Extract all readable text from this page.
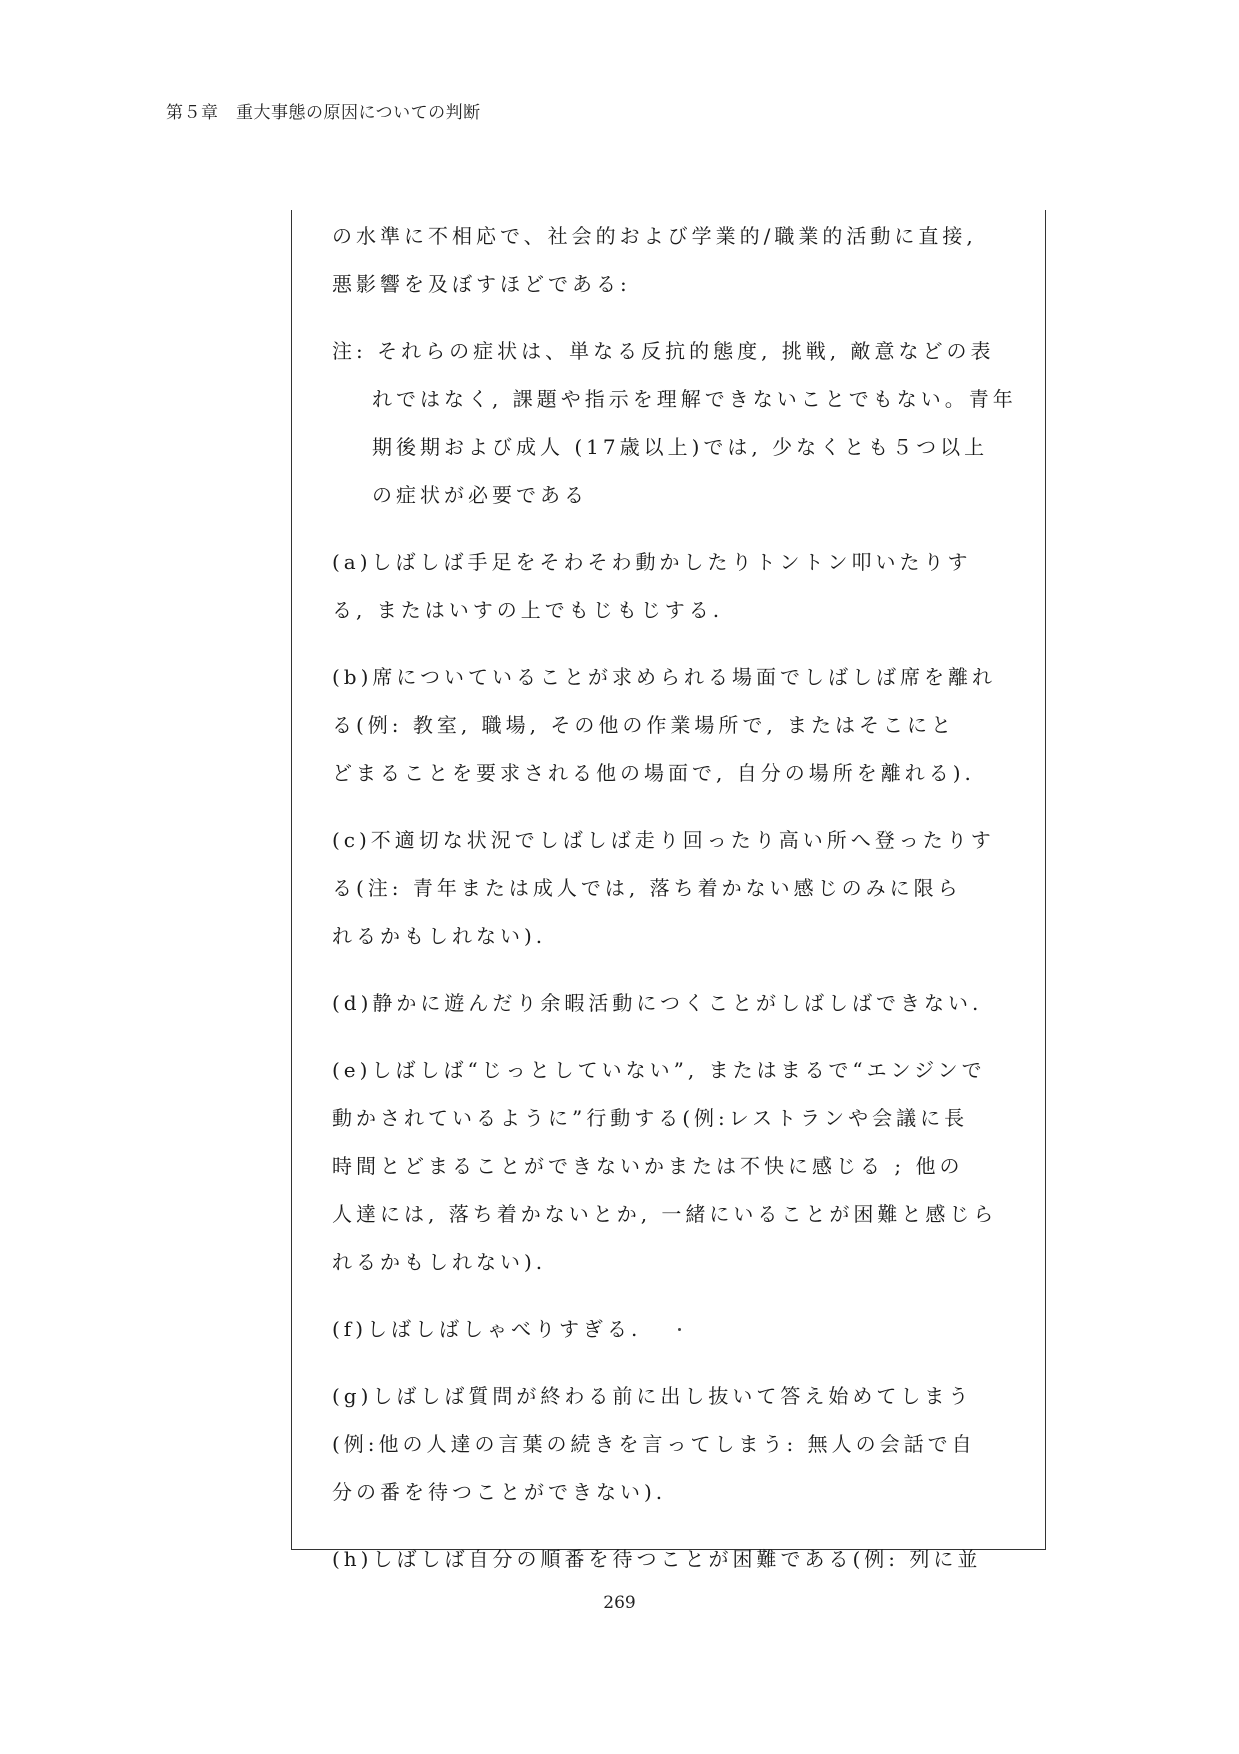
第５章　重大事態の原因についての判断
の水準に不相応で、社会的および学業的/職業的活動に直接,
悪影響を及ぼすほどである:
注: それらの症状は、単なる反抗的態度, 挑戦, 敵意などの表
れではなく, 課題や指示を理解できないことでもない。青年
期後期および成人 (17歳以上)では, 少なくとも５つ以上
の症状が必要である
(a)しばしば手足をそわそわ動かしたりトントン叩いたりす
る, またはいすの上でもじもじする.
(b)席についていることが求められる場面でしばしば席を離れ
る(例: 教室, 職場, その他の作業場所で, またはそこにと
どまることを要求される他の場面で, 自分の場所を離れる).
(c)不適切な状況でしばしば走り回ったり高い所へ登ったりす
る(注: 青年または成人では, 落ち着かない感じのみに限ら
れるかもしれない).
(d)静かに遊んだり余暇活動につくことがしばしばできない.
(e)しばしば“じっとしていない”, またはまるで“エンジンで
動かされているように”行動する(例:レストランや会議に長
時間とどまることができないかまたは不快に感じる ; 他の
人達には, 落ち着かないとか, 一緒にいることが困難と感じら
れるかもしれない).
(f)しばしばしゃべりすぎる.
(g)しばしば質問が終わる前に出し抜いて答え始めてしまう
(例:他の人達の言葉の続きを言ってしまう: 無人の会話で自
分の番を待つことができない).
(h)しばしば自分の順番を待つことが困難である(例: 列に並
269
